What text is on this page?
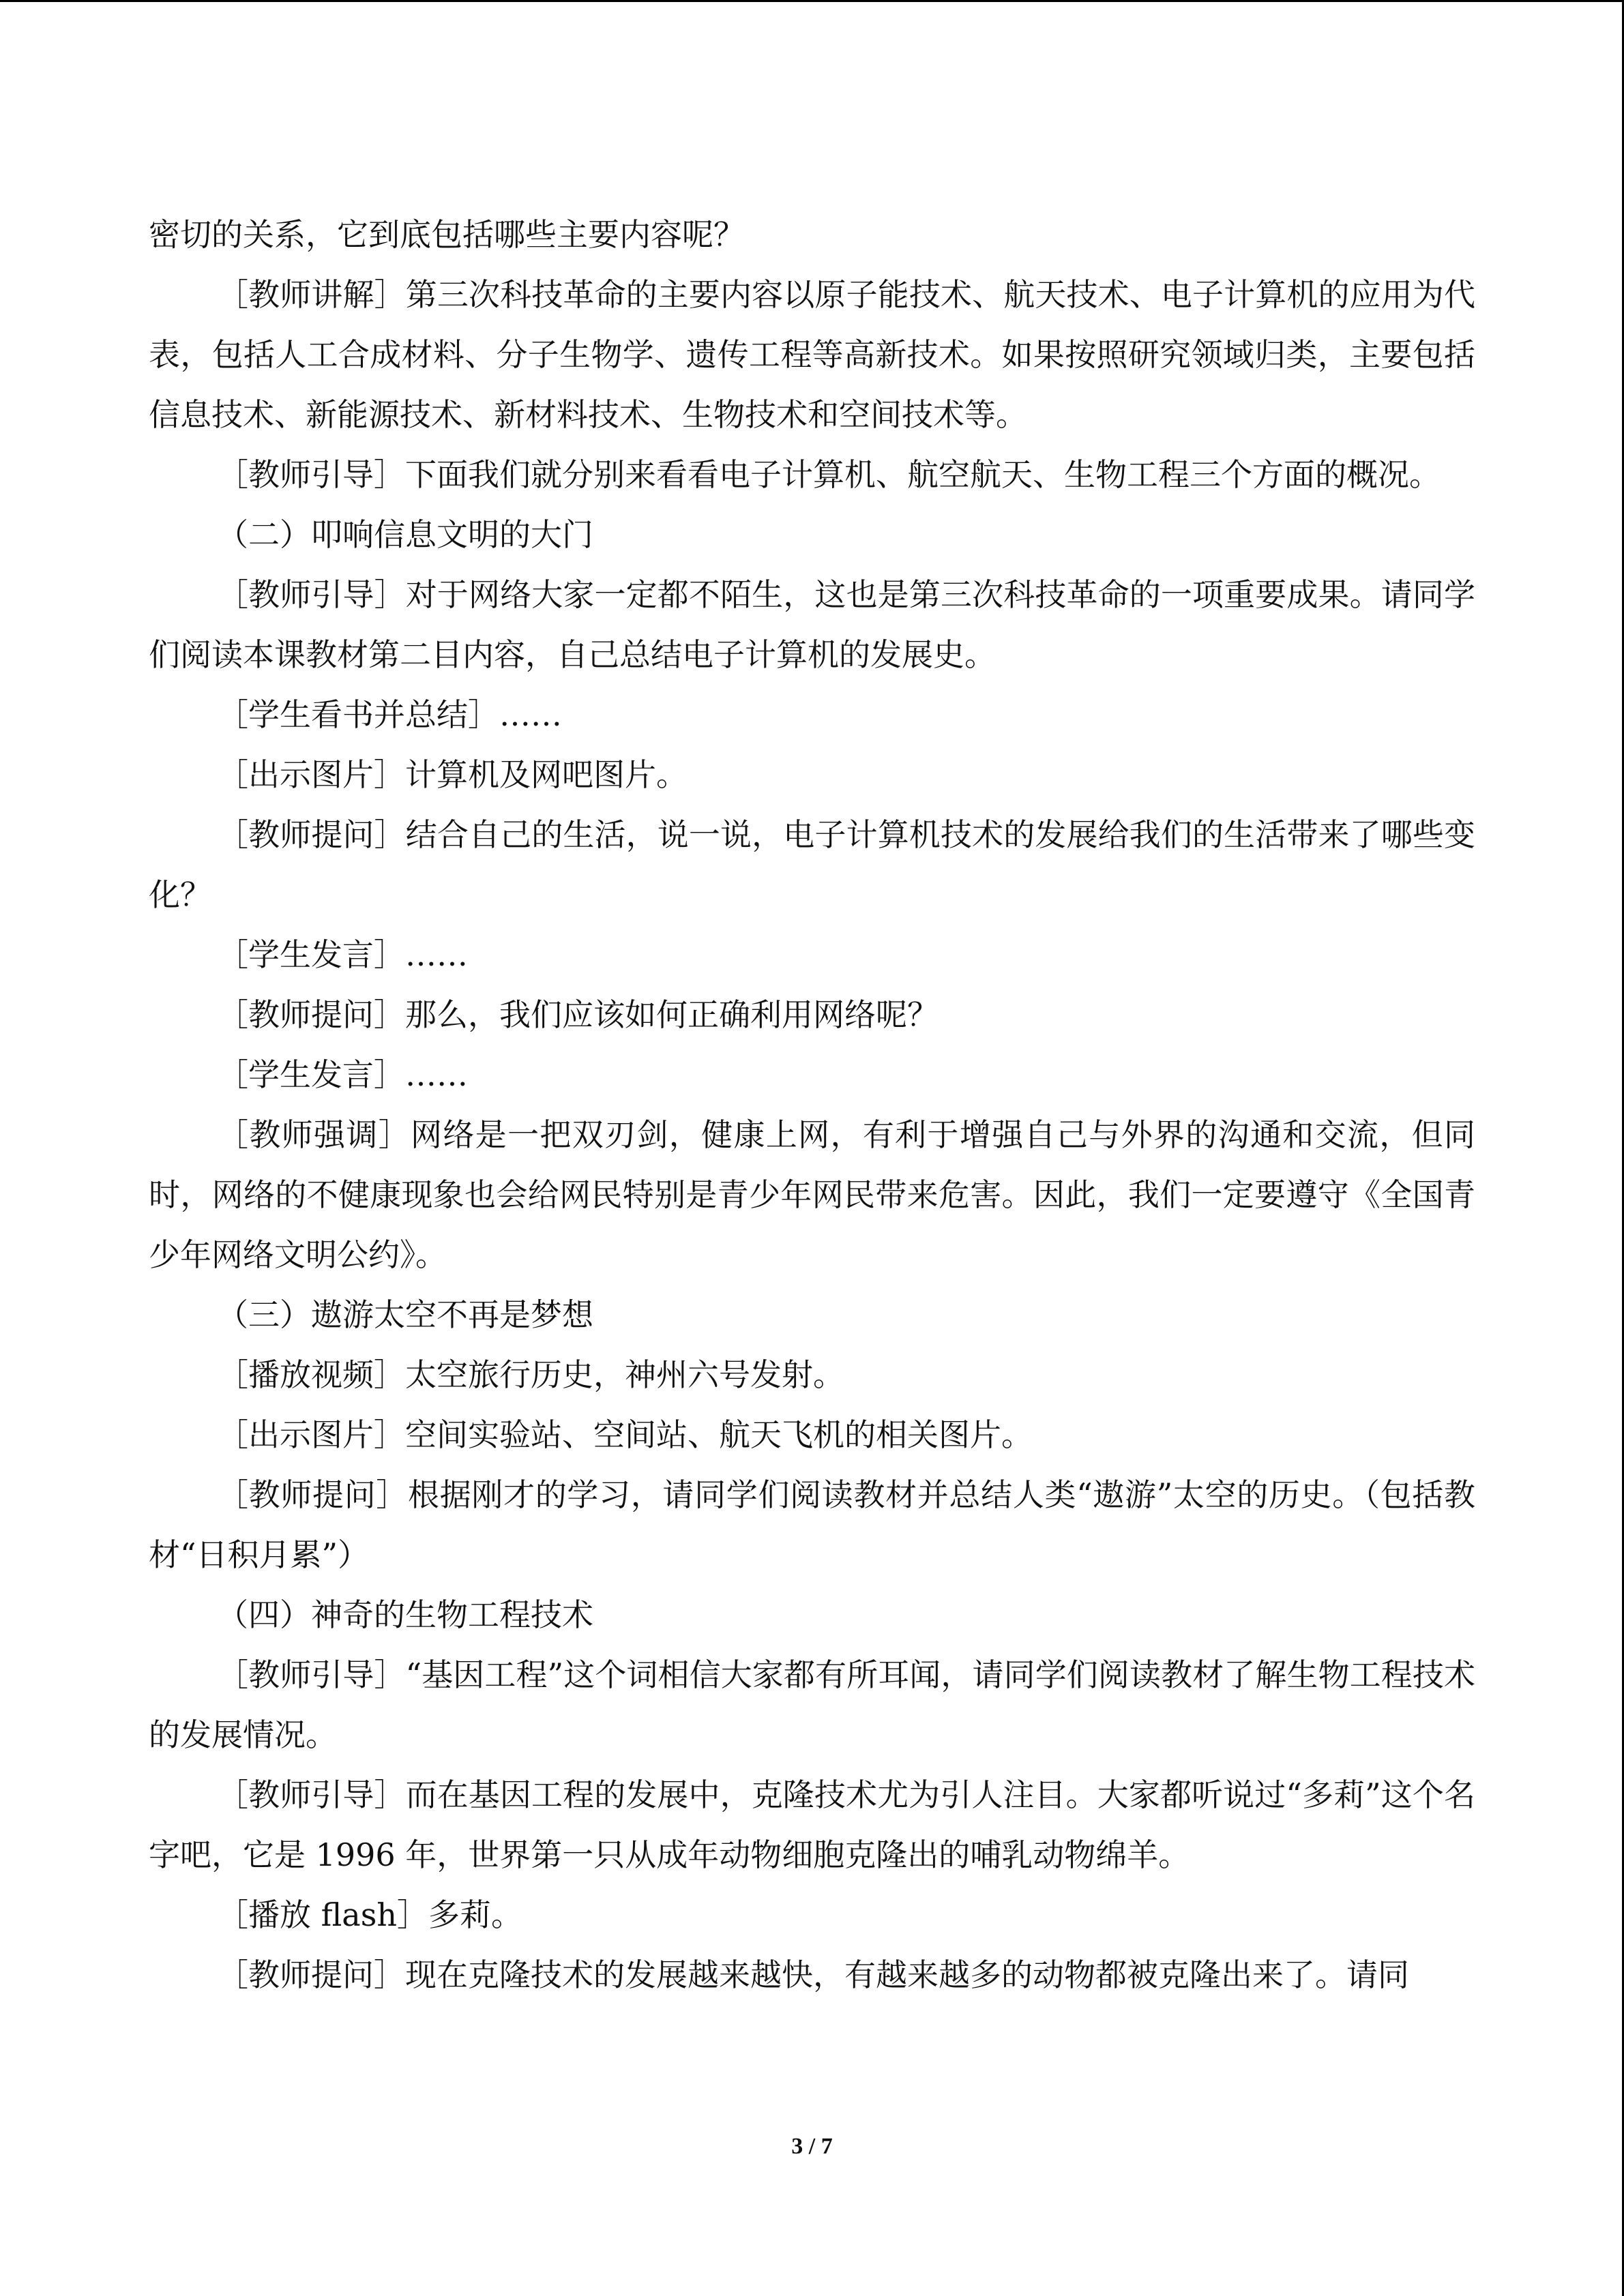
密切的关系，它到底包括哪些主要内容呢？

［教师讲解］第三次科技革命的主要内容以原子能技术、航天技术、电子计算机的应用为代表，包括人工合成材料、分子生物学、遗传工程等高新技术。如果按照研究领域归类，主要包括信息技术、新能源技术、新材料技术、生物技术和空间技术等。

［教师引导］下面我们就分别来看看电子计算机、航空航天、生物工程三个方面的概况。

（二）叩响信息文明的大门

［教师引导］对于网络大家一定都不陌生，这也是第三次科技革命的一项重要成果。请同学们阅读本课教材第二目内容，自己总结电子计算机的发展史。

［学生看书并总结］……

［出示图片］计算机及网吧图片。

［教师提问］结合自己的生活，说一说，电子计算机技术的发展给我们的生活带来了哪些变化？

［学生发言］……

［教师提问］那么，我们应该如何正确利用网络呢？

［学生发言］……

［教师强调］网络是一把双刃剑，健康上网，有利于增强自己与外界的沟通和交流，但同时，网络的不健康现象也会给网民特别是青少年网民带来危害。因此，我们一定要遵守《全国青少年网络文明公约》。

（三）遨游太空不再是梦想

［播放视频］太空旅行历史，神州六号发射。

［出示图片］空间实验站、空间站、航天飞机的相关图片。

［教师提问］根据刚才的学习，请同学们阅读教材并总结人类“遨游”太空的历史。（包括教材“日积月累”）

（四）神奇的生物工程技术

［教师引导］“基因工程”这个词相信大家都有所耳闻，请同学们阅读教材了解生物工程技术的发展情况。

［教师引导］而在基因工程的发展中，克隆技术尤为引人注目。大家都听说过“多莉”这个名字吧，它是 1996 年，世界第一只从成年动物细胞克隆出的哺乳动物绵羊。

［播放 flash］多莉。

［教师提问］现在克隆技术的发展越来越快，有越来越多的动物都被克隆出来了。请同

3 / 7
